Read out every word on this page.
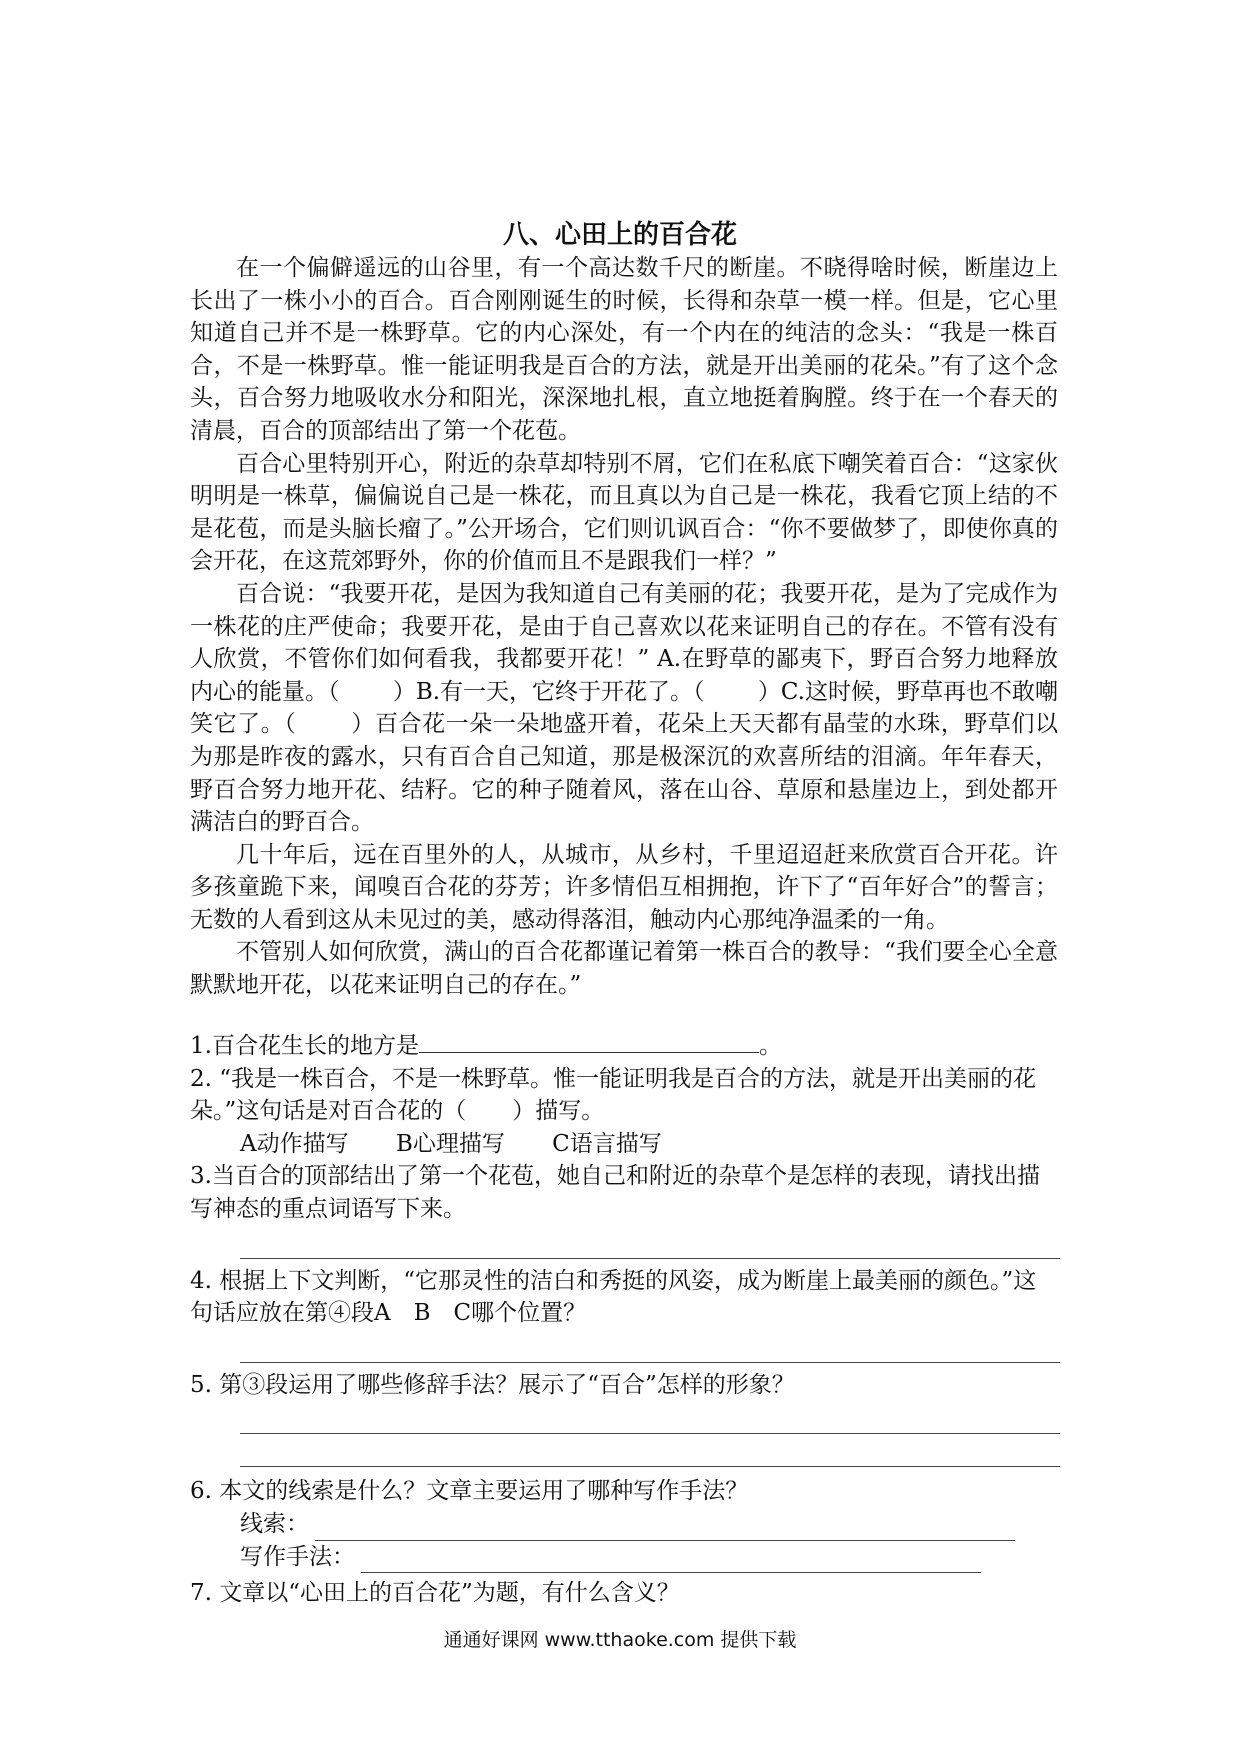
八、心田上的百合花

在一个偏僻遥远的山谷里，有一个高达数千尺的断崖。不晓得啥时候，断崖边上长出了一株小小的百合。百合刚刚诞生的时候，长得和杂草一模一样。但是，它心里知道自己并不是一株野草。它的内心深处，有一个内在的纯洁的念头：“我是一株百合，不是一株野草。惟一能证明我是百合的方法，就是开出美丽的花朵。”有了这个念头，百合努力地吸收水分和阳光，深深地扎根，直立地挺着胸膛。终于在一个春天的清晨，百合的顶部结出了第一个花苞。

百合心里特别开心，附近的杂草却特别不屑，它们在私底下嘲笑着百合：“这家伙明明是一株草，偏偏说自己是一株花，而且真以为自己是一株花，我看它顶上结的不是花苞，而是头脑长瘤了。”公开场合，它们则讥讽百合：“你不要做梦了，即使你真的会开花，在这荒郊野外，你的价值而且不是跟我们一样？”

百合说：“我要开花，是因为我知道自己有美丽的花；我要开花，是为了完成作为一株花的庄严使命；我要开花，是由于自己喜欢以花来证明自己的存在。不管有没有人欣赏，不管你们如何看我，我都要开花！” A.在野草的鄙夷下，野百合努力地释放内心的能量。（　　 ）B.有一天，它终于开花了。（　　 ）C.这时候，野草再也不敢嘲笑它了。（　　 ）百合花一朵一朵地盛开着，花朵上天天都有晶莹的水珠，野草们以为那是昨夜的露水，只有百合自己知道，那是极深沉的欢喜所结的泪滴。年年春天，野百合努力地开花、结籽。它的种子随着风，落在山谷、草原和悬崖边上，到处都开满洁白的野百合。

几十年后，远在百里外的人，从城市，从乡村，千里迢迢赶来欣赏百合开花。许多孩童跪下来，闻嗅百合花的芬芳；许多情侣互相拥抱，许下了“百年好合”的誓言；无数的人看到这从未见过的美，感动得落泪，触动内心那纯净温柔的一角。

不管别人如何欣赏，满山的百合花都谨记着第一株百合的教导：“我们要全心全意默默地开花，以花来证明自己的存在。”

1.百合花生长的地方是	。
2. “我是一株百合，不是一株野草。惟一能证明我是百合的方法，就是开出美丽的花朵。”这句话是对百合花的（　　）描写。
A动作描写 B心理描写 C语言描写
3.当百合的顶部结出了第一个花苞，她自己和附近的杂草个是怎样的表现，请找出描写神态的重点词语写下来。
4. 根据上下文判断，“它那灵性的洁白和秀挺的风姿，成为断崖上最美丽的颜色。”这句话应放在第④段A　B　C哪个位置？
5. 第③段运用了哪些修辞手法？展示了“百合”怎样的形象？
6. 本文的线索是什么？文章主要运用了哪种写作手法？
线索：
写作手法：
7. 文章以“心田上的百合花”为题，有什么含义？
通通好课网 www.tthaoke.com 提供下载
